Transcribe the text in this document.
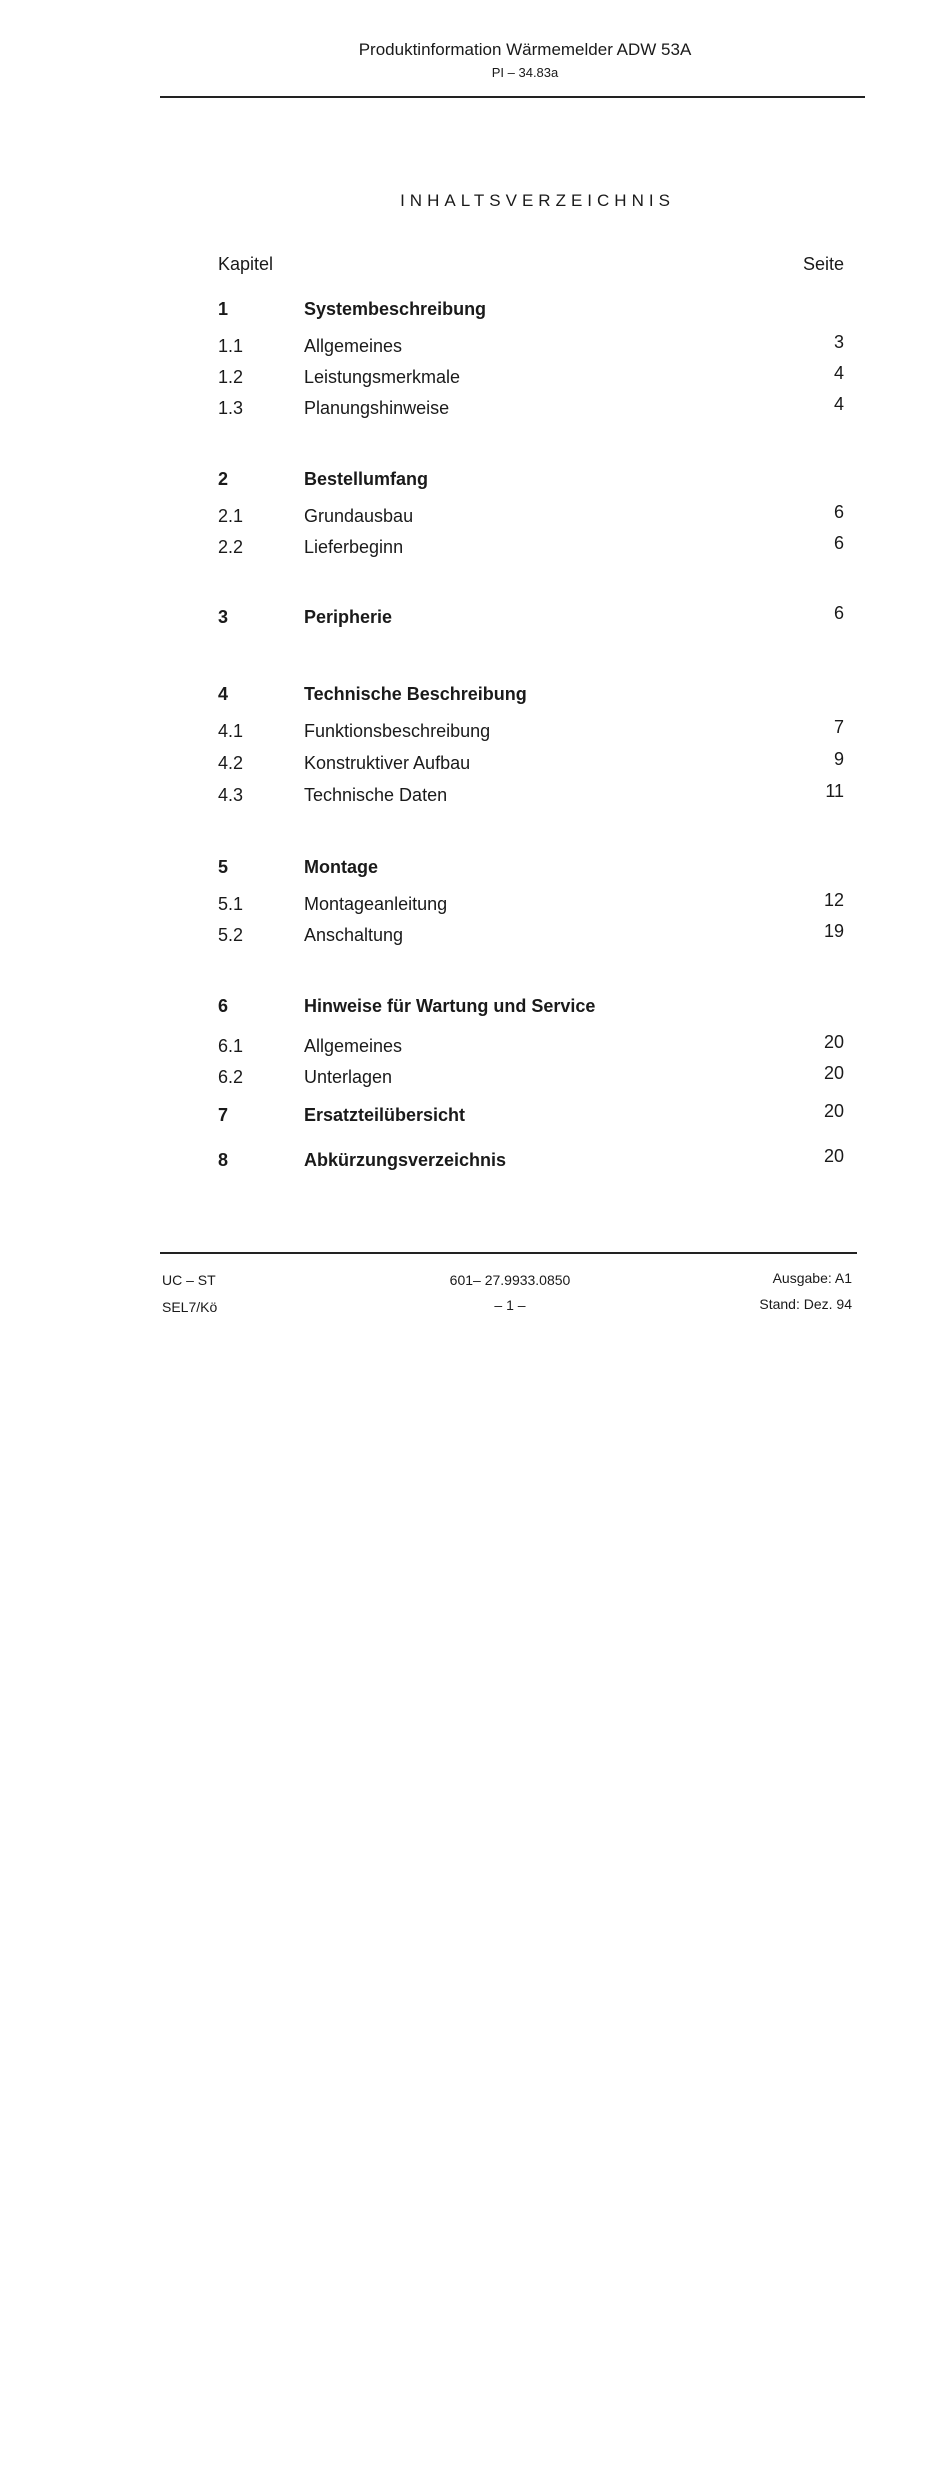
Produktinformation Wärmemelder ADW 53A
PI – 34.83a
INHALTSVERZEICHNIS
Kapitel	Seite
1	Systembeschreibung
1.1	Allgemeines	3
1.2	Leistungsmerkmale	4
1.3	Planungshinweise	4
2	Bestellumfang
2.1	Grundausbau	6
2.2	Lieferbeginn	6
3	Peripherie	6
4	Technische Beschreibung
4.1	Funktionsbeschreibung	7
4.2	Konstruktiver Aufbau	9
4.3	Technische Daten	11
5	Montage
5.1	Montageanleitung	12
5.2	Anschaltung	19
6	Hinweise für Wartung und Service
6.1	Allgemeines	20
6.2	Unterlagen	20
7	Ersatzteilübersicht	20
8	Abkürzungsverzeichnis	20
UC – ST
SEL7/Kö
601– 27.9933.0850
– 1 –
Ausgabe: A1
Stand: Dez. 94
